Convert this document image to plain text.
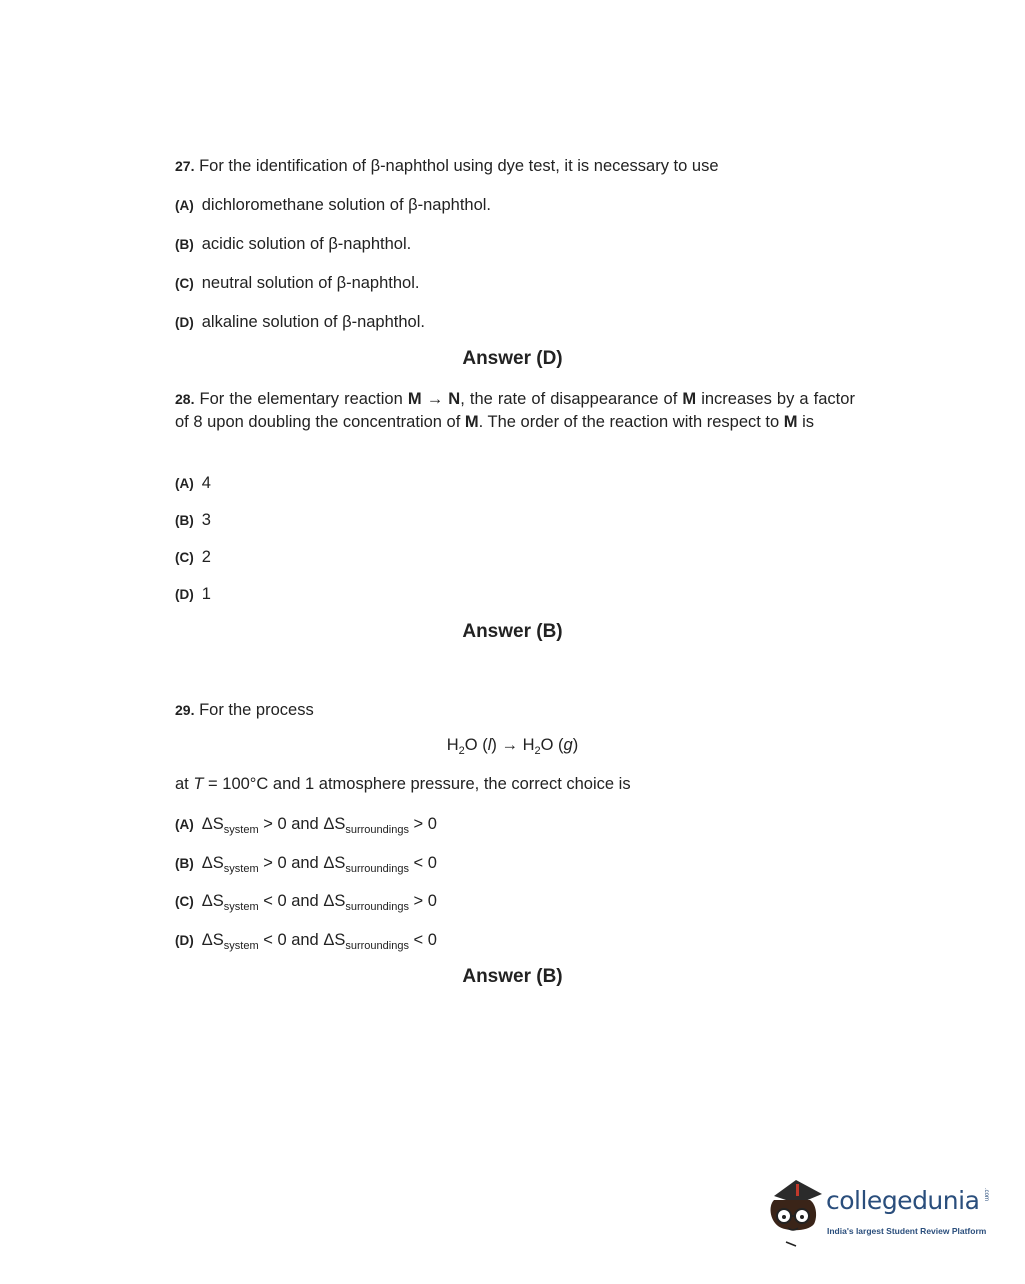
27. For the identification of β-naphthol using dye test, it is necessary to use
(A) dichloromethane solution of β-naphthol.
(B) acidic solution of β-naphthol.
(C) neutral solution of β-naphthol.
(D) alkaline solution of β-naphthol.
Answer (D)
28. For the elementary reaction M → N, the rate of disappearance of M increases by a factor of 8 upon doubling the concentration of M. The order of the reaction with respect to M is
(A) 4
(B) 3
(C) 2
(D) 1
Answer (B)
29. For the process
$H_2O$ $(l) \to H_2O$ (g)
at T = 100°C and 1 atmosphere pressure, the correct choice is
(A) $\Delta S_{system} > 0$ and $\Delta S_{surroundings} > 0$
(B) $\Delta S_{system} > 0$ and $\Delta S_{surroundings} < 0$
(C) $\Delta S_{system} < 0$ and $\Delta S_{surroundings} > 0$
(D) $\Delta S_{system} < 0$ and $\Delta S_{surroundings} < 0$
Answer (B)
collegedunia .com
India's largest Student Review Platform
